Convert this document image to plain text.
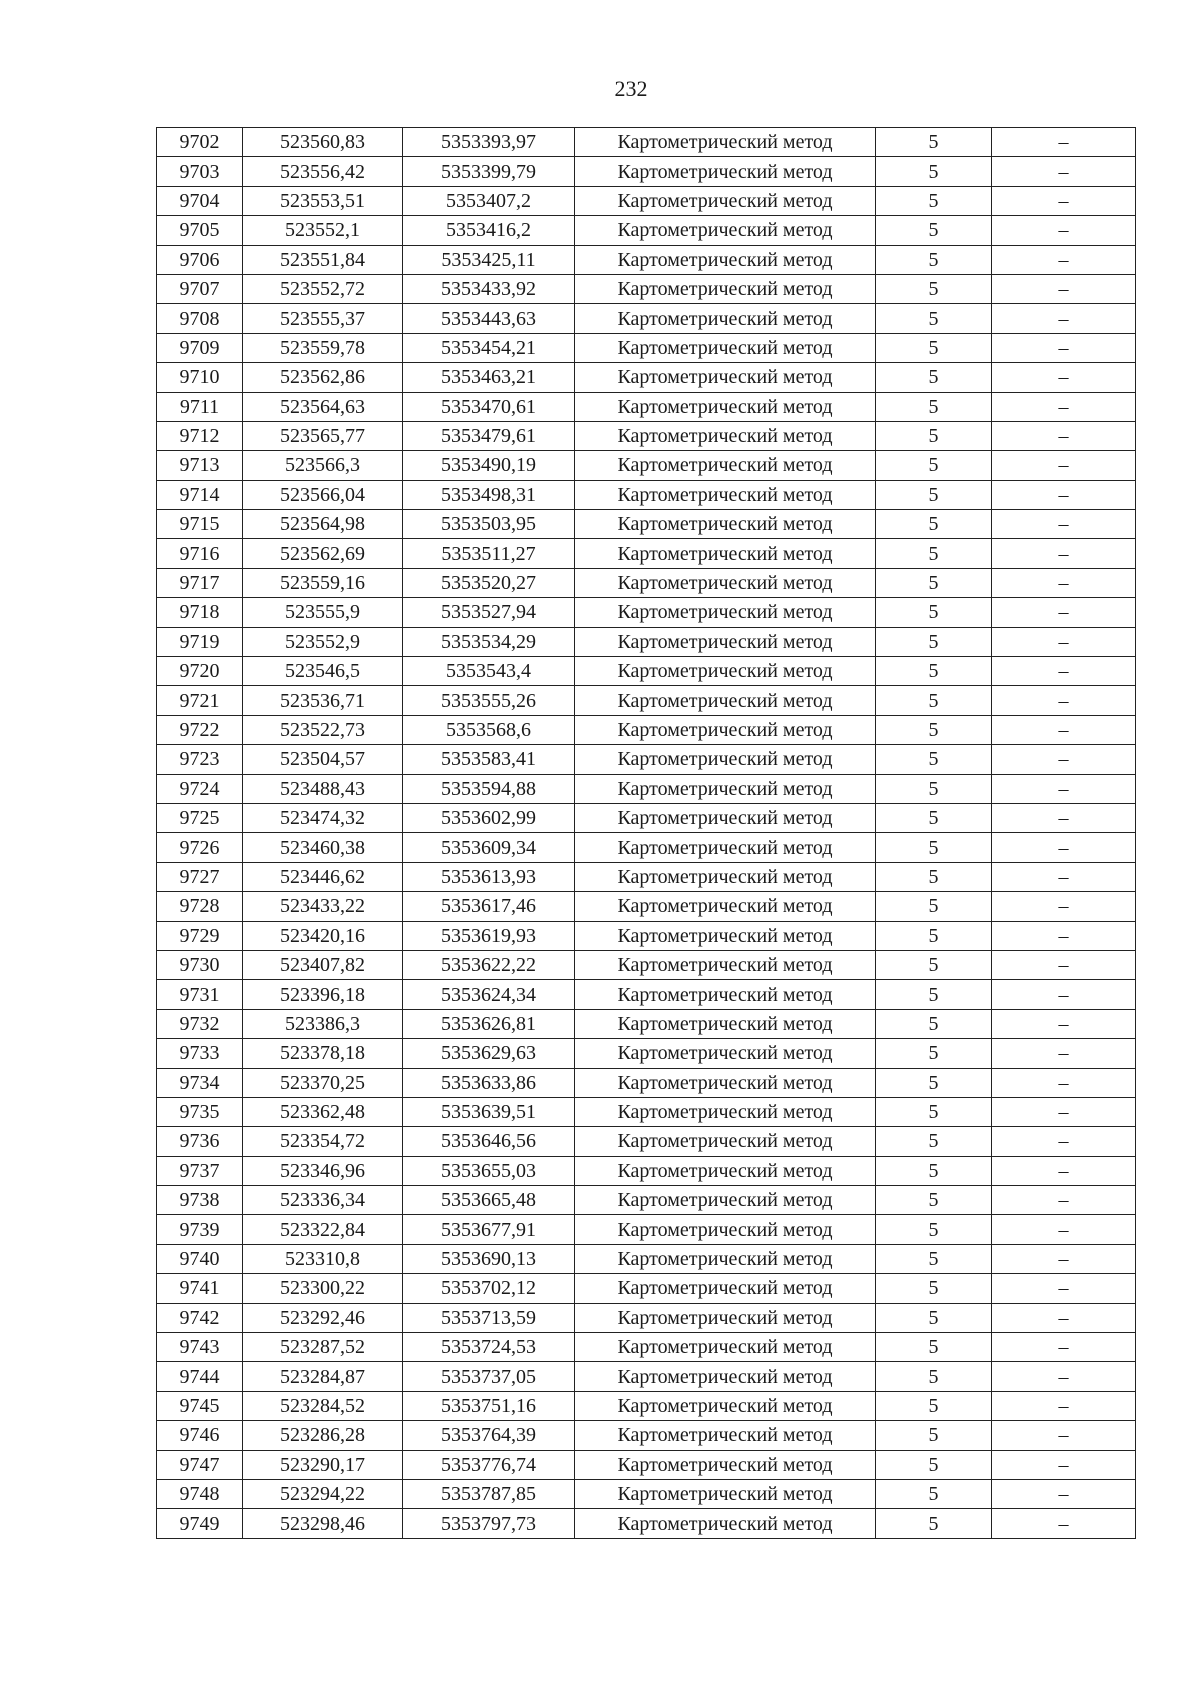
232
9702	523560,83	5353393,97	Картометрический метод	5	–
9703	523556,42	5353399,79	Картометрический метод	5	–
9704	523553,51	5353407,2	Картометрический метод	5	–
9705	523552,1	5353416,2	Картометрический метод	5	–
9706	523551,84	5353425,11	Картометрический метод	5	–
9707	523552,72	5353433,92	Картометрический метод	5	–
9708	523555,37	5353443,63	Картометрический метод	5	–
9709	523559,78	5353454,21	Картометрический метод	5	–
9710	523562,86	5353463,21	Картометрический метод	5	–
9711	523564,63	5353470,61	Картометрический метод	5	–
9712	523565,77	5353479,61	Картометрический метод	5	–
9713	523566,3	5353490,19	Картометрический метод	5	–
9714	523566,04	5353498,31	Картометрический метод	5	–
9715	523564,98	5353503,95	Картометрический метод	5	–
9716	523562,69	5353511,27	Картометрический метод	5	–
9717	523559,16	5353520,27	Картометрический метод	5	–
9718	523555,9	5353527,94	Картометрический метод	5	–
9719	523552,9	5353534,29	Картометрический метод	5	–
9720	523546,5	5353543,4	Картометрический метод	5	–
9721	523536,71	5353555,26	Картометрический метод	5	–
9722	523522,73	5353568,6	Картометрический метод	5	–
9723	523504,57	5353583,41	Картометрический метод	5	–
9724	523488,43	5353594,88	Картометрический метод	5	–
9725	523474,32	5353602,99	Картометрический метод	5	–
9726	523460,38	5353609,34	Картометрический метод	5	–
9727	523446,62	5353613,93	Картометрический метод	5	–
9728	523433,22	5353617,46	Картометрический метод	5	–
9729	523420,16	5353619,93	Картометрический метод	5	–
9730	523407,82	5353622,22	Картометрический метод	5	–
9731	523396,18	5353624,34	Картометрический метод	5	–
9732	523386,3	5353626,81	Картометрический метод	5	–
9733	523378,18	5353629,63	Картометрический метод	5	–
9734	523370,25	5353633,86	Картометрический метод	5	–
9735	523362,48	5353639,51	Картометрический метод	5	–
9736	523354,72	5353646,56	Картометрический метод	5	–
9737	523346,96	5353655,03	Картометрический метод	5	–
9738	523336,34	5353665,48	Картометрический метод	5	–
9739	523322,84	5353677,91	Картометрический метод	5	–
9740	523310,8	5353690,13	Картометрический метод	5	–
9741	523300,22	5353702,12	Картометрический метод	5	–
9742	523292,46	5353713,59	Картометрический метод	5	–
9743	523287,52	5353724,53	Картометрический метод	5	–
9744	523284,87	5353737,05	Картометрический метод	5	–
9745	523284,52	5353751,16	Картометрический метод	5	–
9746	523286,28	5353764,39	Картометрический метод	5	–
9747	523290,17	5353776,74	Картометрический метод	5	–
9748	523294,22	5353787,85	Картометрический метод	5	–
9749	523298,46	5353797,73	Картометрический метод	5	–
